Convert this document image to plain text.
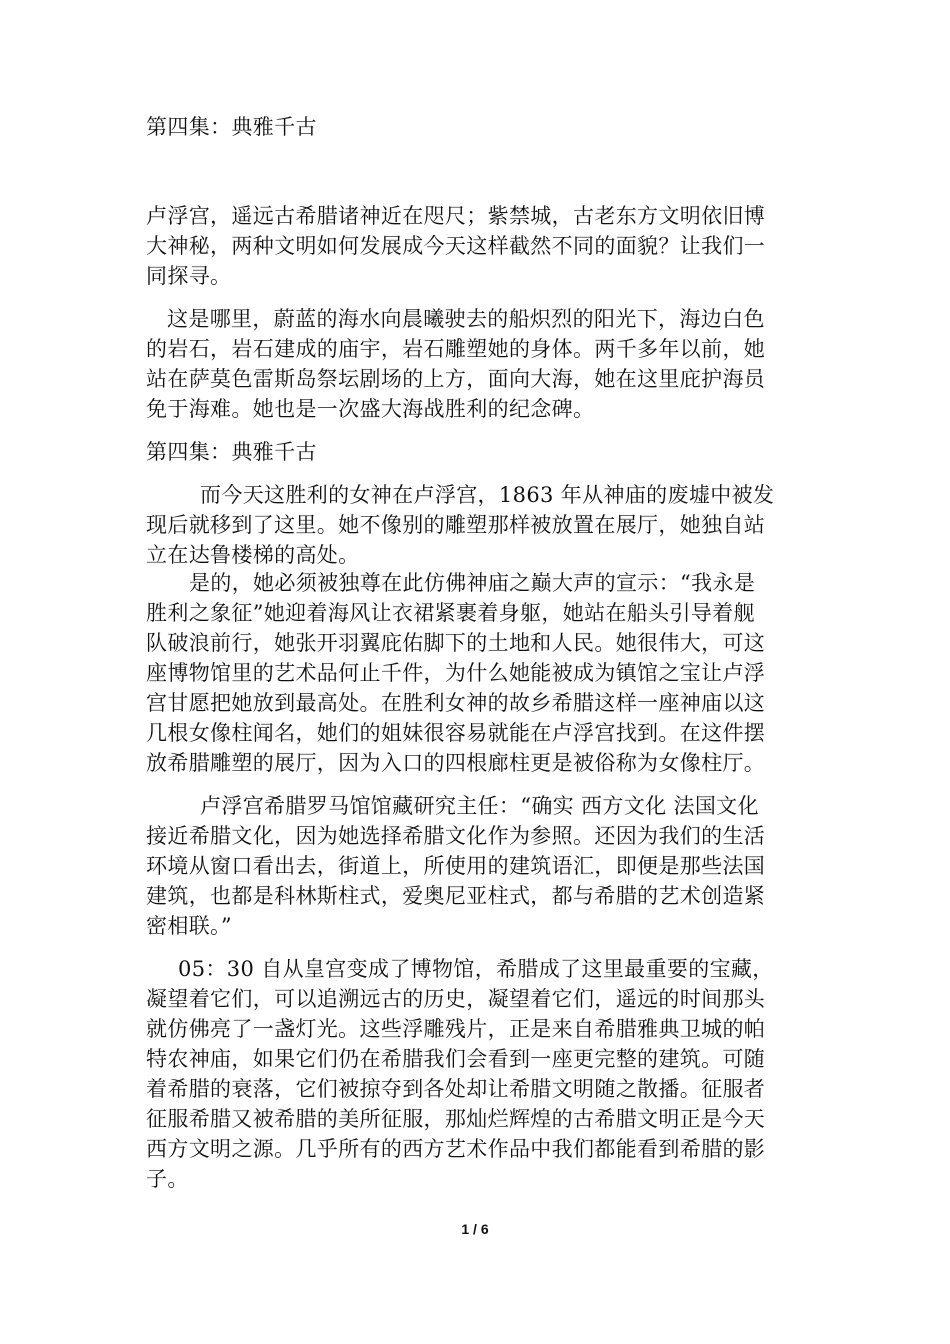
第四集：典雅千古
卢浮宫，遥远古希腊诸神近在咫尺；紫禁城，古老东方文明依旧博
大神秘，两种文明如何发展成今天这样截然不同的面貌？让我们一
同探寻。
这是哪里，蔚蓝的海水向晨曦驶去的船炽烈的阳光下，海边白色
的岩石，岩石建成的庙宇，岩石雕塑她的身体。两千多年以前，她
站在萨莫色雷斯岛祭坛剧场的上方，面向大海，她在这里庇护海员
免于海难。她也是一次盛大海战胜利的纪念碑。
第四集：典雅千古
而今天这胜利的女神在卢浮宫，1863 年从神庙的废墟中被发
现后就移到了这里。她不像别的雕塑那样被放置在展厅，她独自站
立在达鲁楼梯的高处。
是的，她必须被独尊在此仿佛神庙之巅大声的宣示：“我永是
胜利之象征”她迎着海风让衣裙紧裹着身躯，她站在船头引导着舰
队破浪前行，她张开羽翼庇佑脚下的土地和人民。她很伟大，可这
座博物馆里的艺术品何止千件，为什么她能被成为镇馆之宝让卢浮
宫甘愿把她放到最高处。在胜利女神的故乡希腊这样一座神庙以这
几根女像柱闻名，她们的姐妹很容易就能在卢浮宫找到。在这件摆
放希腊雕塑的展厅，因为入口的四根廊柱更是被俗称为女像柱厅。
卢浮宫希腊罗马馆馆藏研究主任：“确实 西方文化 法国文化
接近希腊文化，因为她选择希腊文化作为参照。还因为我们的生活
环境从窗口看出去，街道上，所使用的建筑语汇，即便是那些法国
建筑，也都是科林斯柱式，爱奥尼亚柱式，都与希腊的艺术创造紧
密相联。”
05：30 自从皇宫变成了博物馆，希腊成了这里最重要的宝藏，
凝望着它们，可以追溯远古的历史，凝望着它们，遥远的时间那头
就仿佛亮了一盏灯光。这些浮雕残片，正是来自希腊雅典卫城的帕
特农神庙，如果它们仍在希腊我们会看到一座更完整的建筑。可随
着希腊的衰落，它们被掠夺到各处却让希腊文明随之散播。征服者
征服希腊又被希腊的美所征服，那灿烂辉煌的古希腊文明正是今天
西方文明之源。几乎所有的西方艺术作品中我们都能看到希腊的影
子。
1 / 6
